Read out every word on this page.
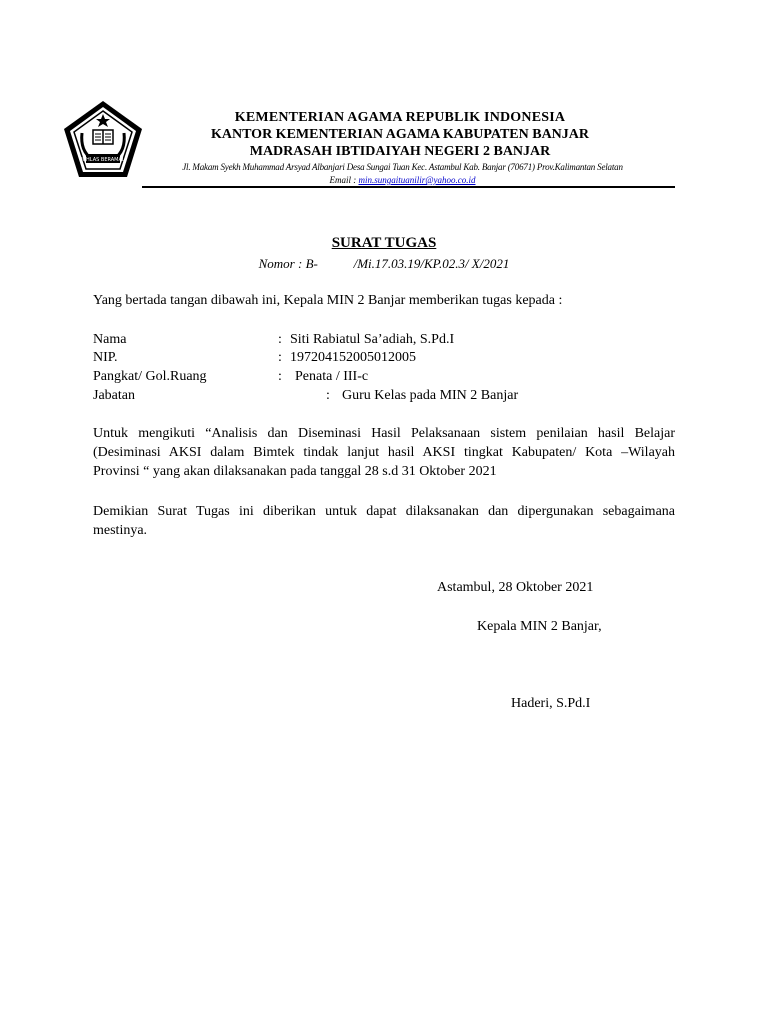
IKHLAS BERAMAL
KEMENTERIAN AGAMA REPUBLIK INDONESIA
KANTOR KEMENTERIAN AGAMA KABUPATEN BANJAR
MADRASAH IBTIDAIYAH NEGERI 2 BANJAR
Jl. Makam Syekh Muhammad Arsyad Albanjari Desa Sungai Tuan Kec. Astambul Kab. Banjar (70671) Prov.Kalimantan Selatan
Email : min.sungaituanilir@yahoo.co.id
SURAT TUGAS
Nomor : B-           /Mi.17.03.19/KP.02.3/ X/2021
Yang bertada tangan dibawah ini, Kepala MIN 2 Banjar memberikan tugas kepada :
Nama	: Siti Rabiatul Sa’adiah, S.Pd.I
NIP.	: 197204152005012005
Pangkat/ Gol.Ruang	: Penata / III-c
Jabatan	: Guru Kelas pada MIN 2 Banjar
Untuk mengikuti “Analisis dan Diseminasi Hasil Pelaksanaan sistem penilaian hasil Belajar
(Desiminasi AKSI dalam Bimtek tindak lanjut hasil AKSI tingkat Kabupaten/ Kota –Wilayah
Provinsi “ yang akan dilaksanakan pada tanggal 28 s.d 31 Oktober 2021
Demikian Surat Tugas ini diberikan untuk dapat dilaksanakan dan dipergunakan sebagaimana
mestinya.
Astambul, 28 Oktober 2021
Kepala MIN 2 Banjar,
Haderi, S.Pd.I
